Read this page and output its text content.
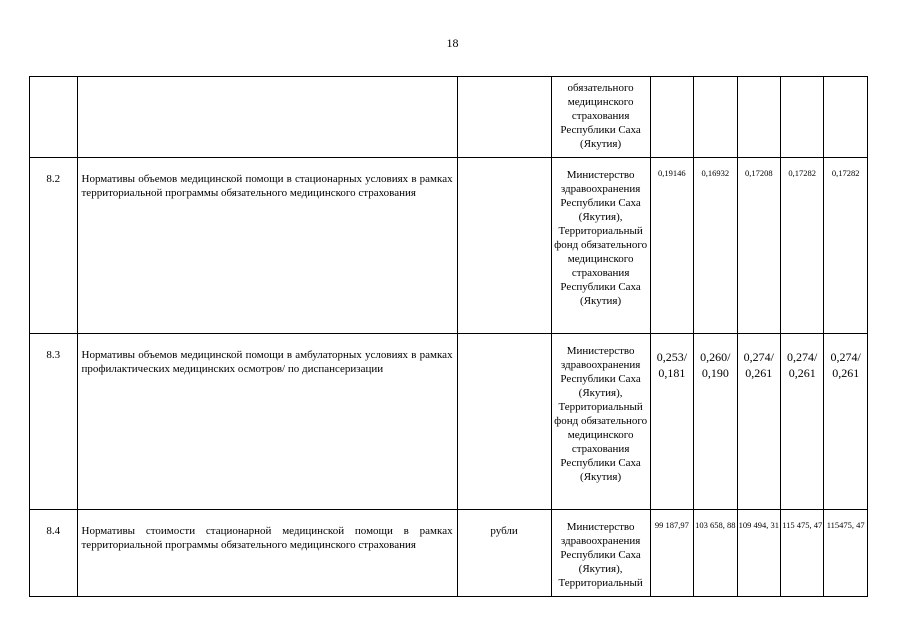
18
			обязательного медицинского страхования Республики Саха (Якутия)					
8.2	Нормативы объемов медицинской помощи в стационарных условиях в рамках территориальной программы обязательного медицинского страхования		Министерство здравоохранения Республики Саха (Якутия), Территориальный фонд обязательного медицинского страхования Республики Саха (Якутия)	0,19146	0,16932	0,17208	0,17282	0,17282
8.3	Нормативы объемов медицинской помощи в амбулаторных условиях в рамках профилактических медицинских осмотров/ по диспансеризации		Министерство здравоохранения Республики Саха (Якутия), Территориальный фонд обязательного медицинского страхования Республики Саха (Якутия)	0,253/ 0,181	0,260/ 0,190	0,274/ 0,261	0,274/ 0,261	0,274/ 0,261
8.4	Нормативы стоимости стационарной медицинской помощи в рамках территориальной программы обязательного медицинского страхования	рубли	Министерство здравоохранения Республики Саха (Якутия), Территориальный	99 187,97	103 658, 88	109 494, 31	115 475, 47	115475, 47
